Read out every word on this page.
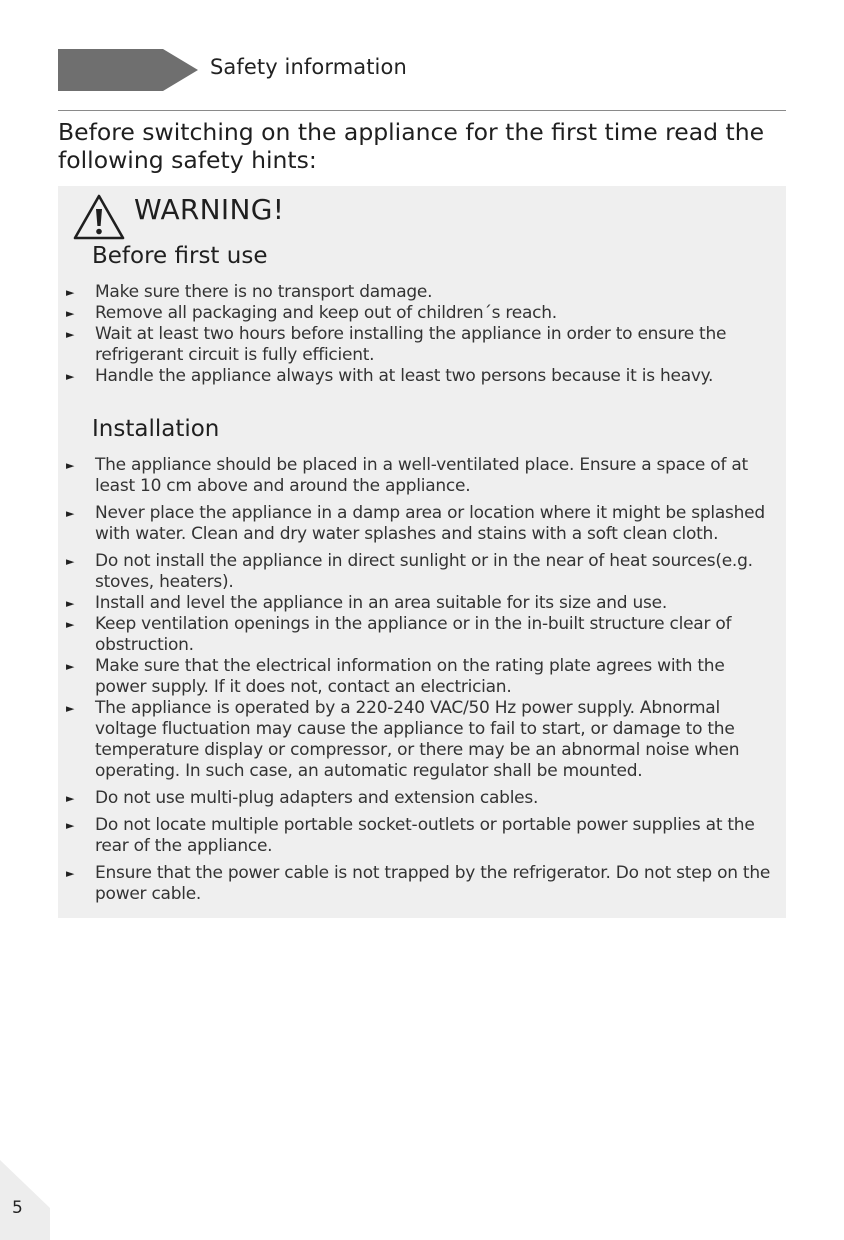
Safety information
Before switching on the appliance for the first time read the following safety hints:
WARNING!
Before first use
► Make sure there is no transport damage.
► Remove all packaging and keep out of children´s reach.
► Wait at least two hours before installing the appliance in order to ensure the refrigerant circuit is fully efficient.
► Handle the appliance always with at least two persons because it is heavy.
Installation
► The appliance should be placed in a well-ventilated place. Ensure a space of at least 10 cm above and around the appliance.
► Never place the appliance in a damp area or location where it might be splashed with water. Clean and dry water splashes and stains with a soft clean cloth.
► Do not install the appliance in direct sunlight or in the near of heat sources(e.g. stoves, heaters).
► Install and level the appliance in an area suitable for its size and use.
► Keep ventilation openings in the appliance or in the in-built structure clear of obstruction.
► Make sure that the electrical information on the rating plate agrees with the power supply. If it does not, contact an electrician.
► The appliance is operated by a 220-240 VAC/50 Hz power supply. Abnormal voltage fluctuation may cause the appliance to fail to start, or damage to the temperature display or compressor, or there may be an abnormal noise when operating. In such case, an automatic regulator shall be mounted.
► Do not use multi-plug adapters and extension cables.
► Do not locate multiple portable socket-outlets or portable power supplies at the rear of the appliance.
► Ensure that the power cable is not trapped by the refrigerator. Do not step on the power cable.
5
